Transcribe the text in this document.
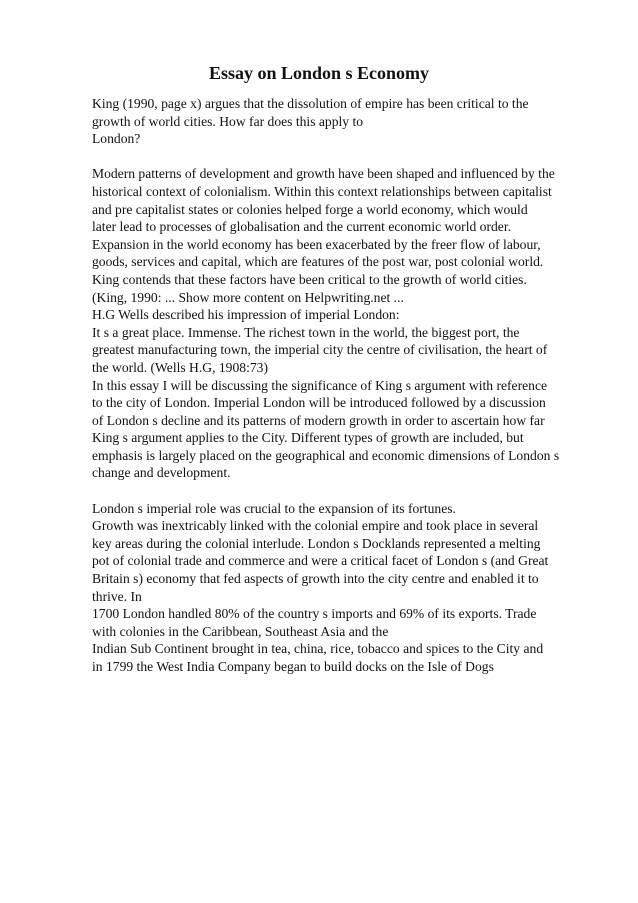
Essay on London s Economy
King (1990, page x) argues that the dissolution of empire has been critical to the
growth of world cities. How far does this apply to
London?
Modern patterns of development and growth have been shaped and influenced by the
historical context of colonialism. Within this context relationships between capitalist
and pre capitalist states or colonies helped forge a world economy, which would
later lead to processes of globalisation and the current economic world order.
Expansion in the world economy has been exacerbated by the freer flow of labour,
goods, services and capital, which are features of the post war, post colonial world.
King contends that these factors have been critical to the growth of world cities.
(King, 1990: ... Show more content on Helpwriting.net ...
H.G Wells described his impression of imperial London:
It s a great place. Immense. The richest town in the world, the biggest port, the
greatest manufacturing town, the imperial city the centre of civilisation, the heart of
the world. (Wells H.G, 1908:73)
In this essay I will be discussing the significance of King s argument with reference
to the city of London. Imperial London will be introduced followed by a discussion
of London s decline and its patterns of modern growth in order to ascertain how far
King s argument applies to the City. Different types of growth are included, but
emphasis is largely placed on the geographical and economic dimensions of London s
change and development.
London s imperial role was crucial to the expansion of its fortunes.
Growth was inextricably linked with the colonial empire and took place in several
key areas during the colonial interlude. London s Docklands represented a melting
pot of colonial trade and commerce and were a critical facet of London s (and Great
Britain s) economy that fed aspects of growth into the city centre and enabled it to
thrive. In
1700 London handled 80% of the country s imports and 69% of its exports. Trade
with colonies in the Caribbean, Southeast Asia and the
Indian Sub Continent brought in tea, china, rice, tobacco and spices to the City and
in 1799 the West India Company began to build docks on the Isle of Dogs
